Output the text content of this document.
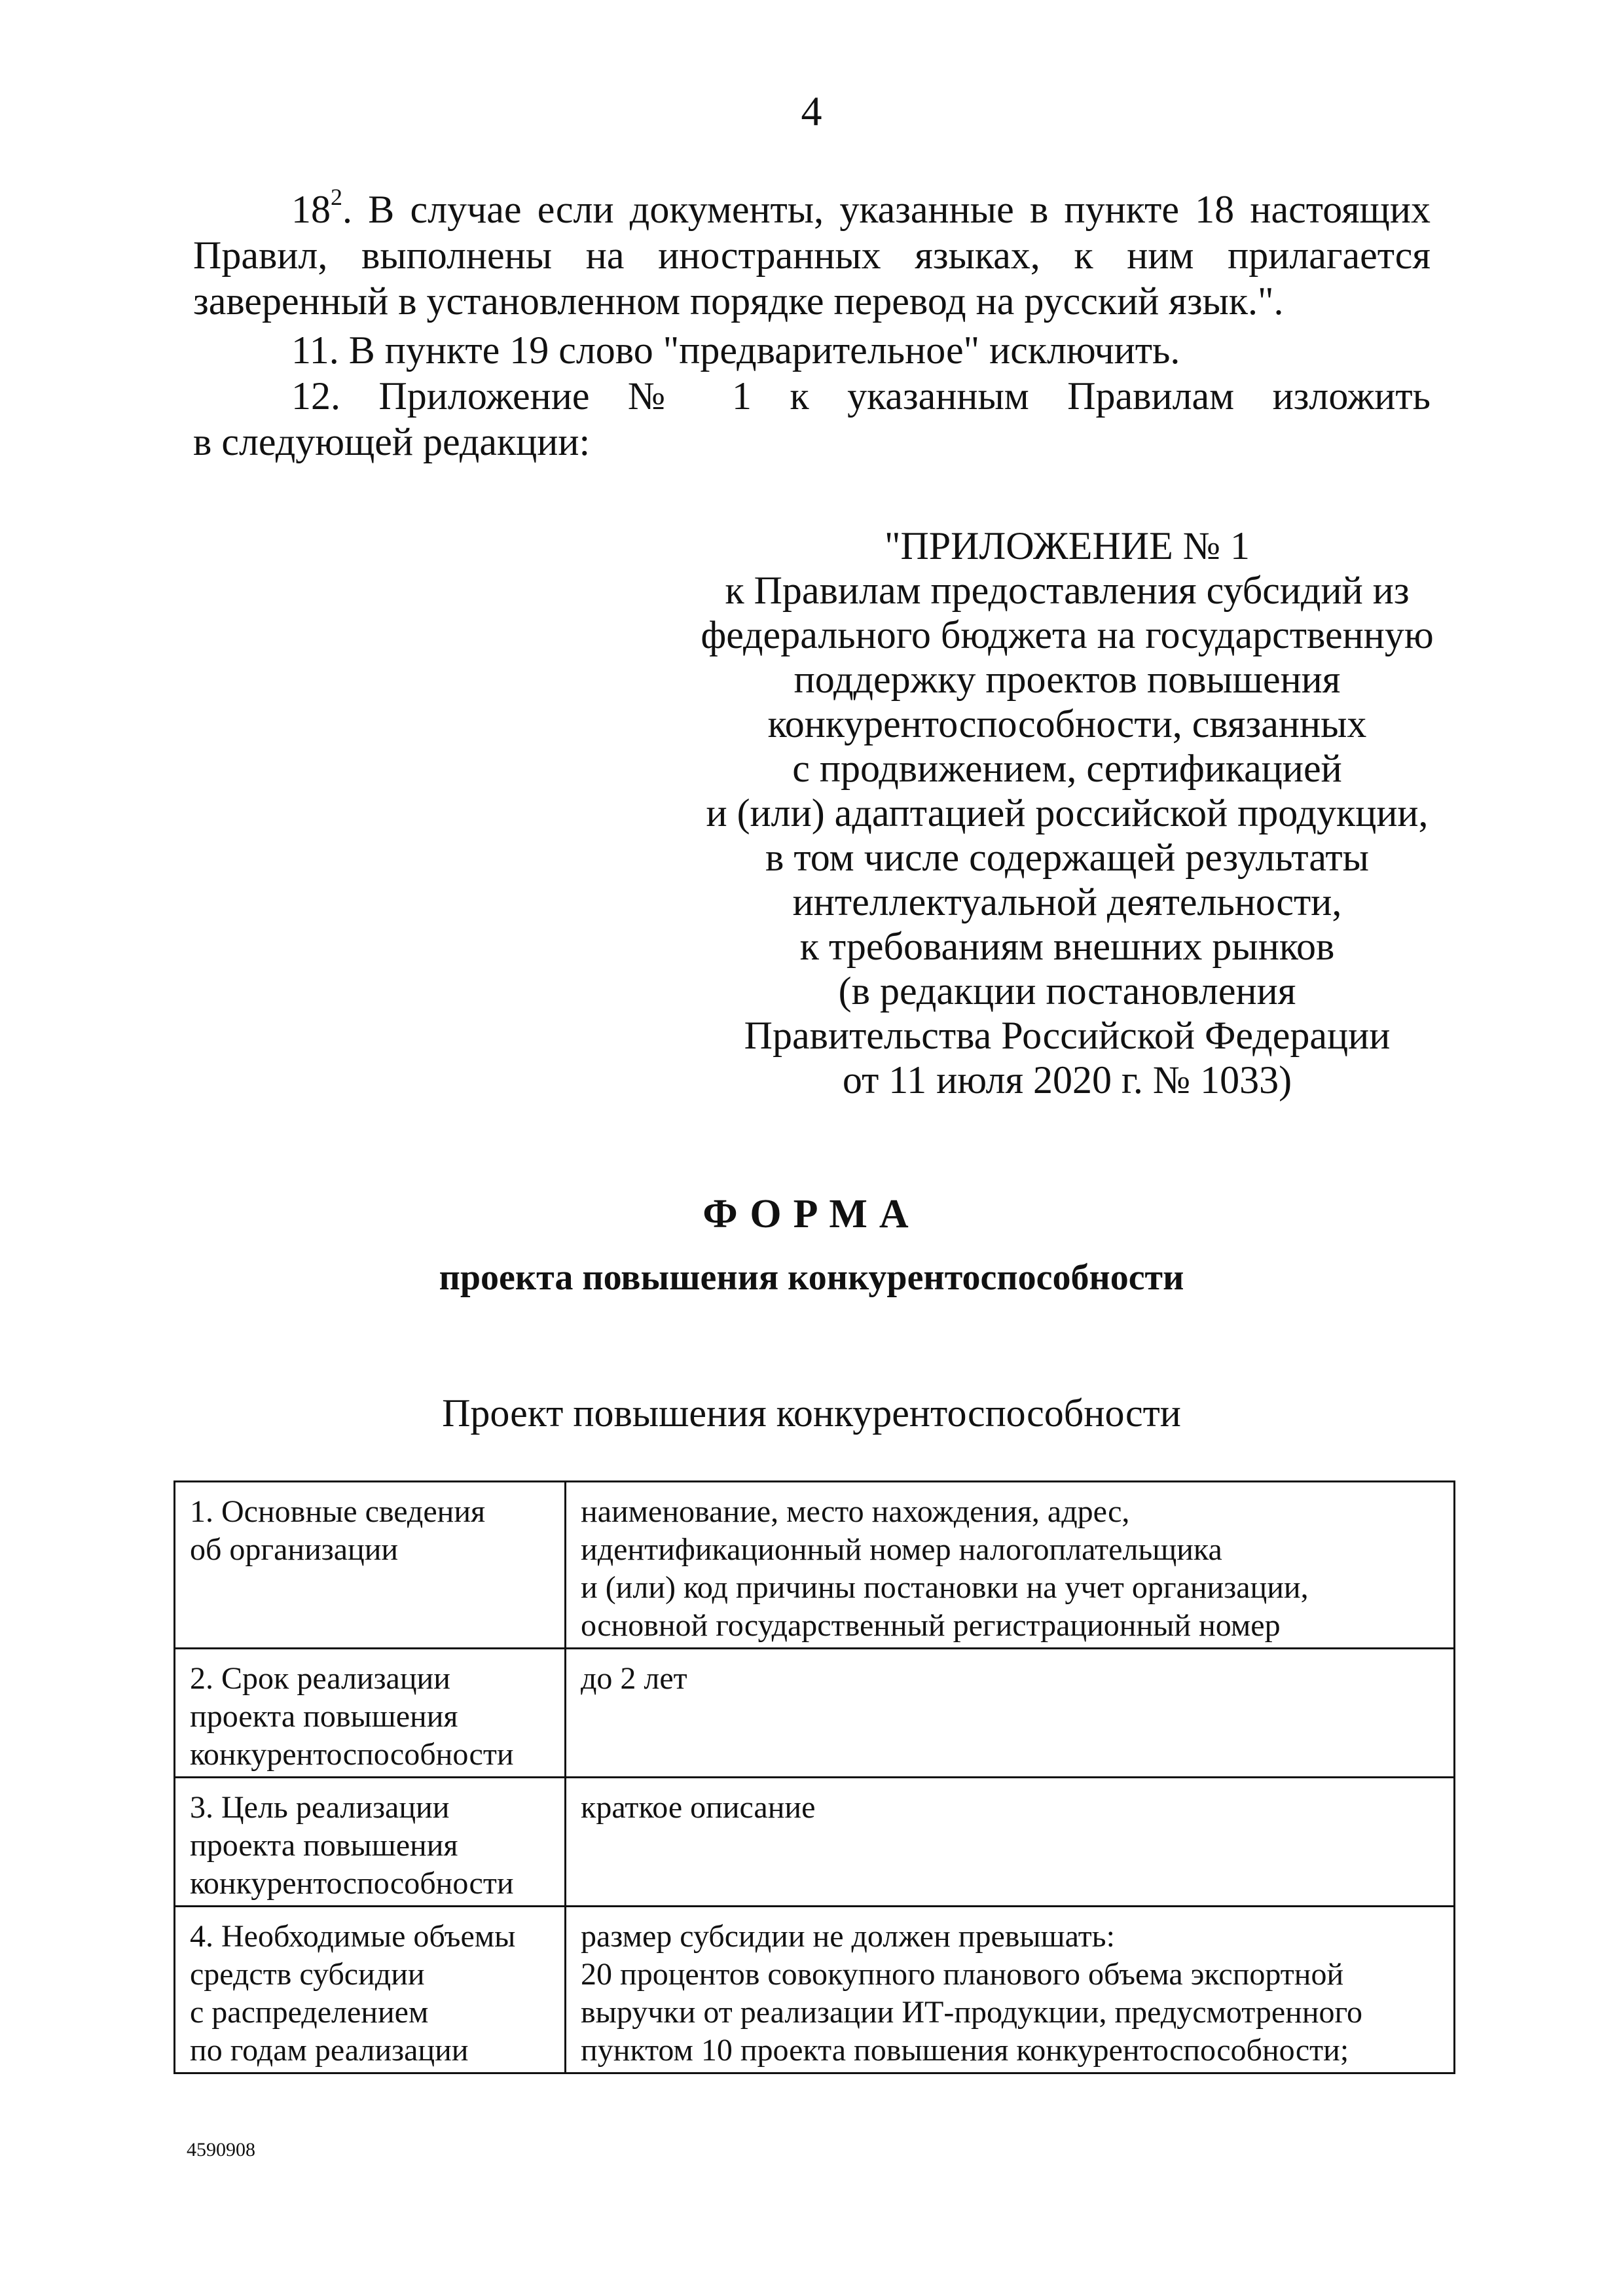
4
$18^2$. В случае если документы, указанные в пункте 18 настоящих
Правил, выполнены на иностранных языках, к ним прилагается
заверенный в установленном порядке перевод на русский язык.".
11. В пункте 19 слово "предварительное" исключить.
12. Приложение № 1 к указанным Правилам изложить
в следующей редакции:
"ПРИЛОЖЕНИЕ № 1
к Правилам предоставления субсидий из
федерального бюджета на государственную
поддержку проектов повышения
конкурентоспособности, связанных
с продвижением, сертификацией
и (или) адаптацией российской продукции,
в том числе содержащей результаты
интеллектуальной деятельности,
к требованиям внешних рынков
(в редакции постановления
Правительства Российской Федерации
от 11 июля 2020 г. № 1033)
ФОРМА
проекта повышения конкурентоспособности
Проект повышения конкурентоспособности
1. Основные сведения
об организации	наименование, место нахождения, адрес,
идентификационный номер налогоплательщика
и (или) код причины постановки на учет организации,
основной государственный регистрационный номер

2. Срок реализации
проекта повышения
конкурентоспособности	до 2 лет

3. Цель реализации
проекта повышения
конкурентоспособности	краткое описание

4. Необходимые объемы
средств субсидии
с распределением
по годам реализации	размер субсидии не должен превышать:
20 процентов совокупного планового объема экспортной
выручки от реализации ИТ-продукции, предусмотренного
пунктом 10 проекта повышения конкурентоспособности;
4590908
